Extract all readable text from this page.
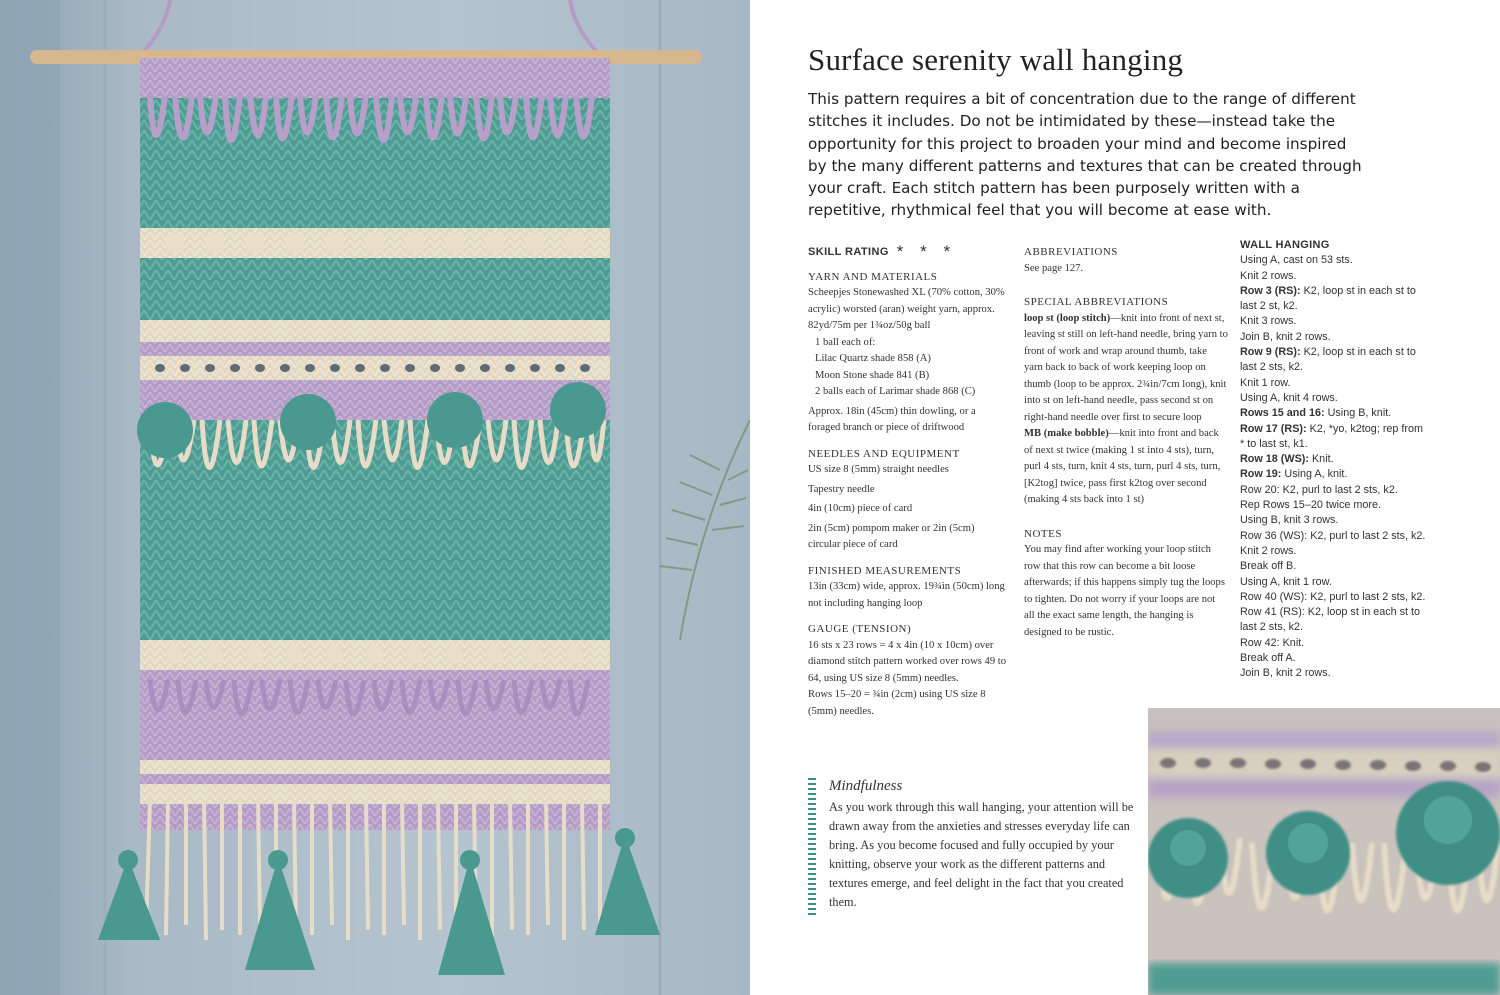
Surface serenity wall hanging
This pattern requires a bit of concentration due to the range of different stitches it includes. Do not be intimidated by these—instead take the opportunity for this project to broaden your mind and become inspired by the many different patterns and textures that can be created through your craft. Each stitch pattern has been purposely written with a repetitive, rhythmical feel that you will become at ease with.
SKILL RATING * * *
YARN AND MATERIALS

Scheepjes Stonewashed XL (70% cotton, 30% acrylic) worsted (aran) weight yarn, approx. 82yd/75m per 1¾oz/50g ball

1 ball each of:

Lilac Quartz shade 858 (A)

Moon Stone shade 841 (B)

2 balls each of Larimar shade 868 (C)

Approx. 18in (45cm) thin dowling, or a foraged branch or piece of driftwood

NEEDLES AND EQUIPMENT

US size 8 (5mm) straight needles

Tapestry needle

4in (10cm) piece of card

2in (5cm) pompom maker or 2in (5cm) circular piece of card

FINISHED MEASUREMENTS

13in (33cm) wide, approx. 19¾in (50cm) long not including hanging loop

GAUGE (TENSION)

16 sts x 23 rows = 4 x 4in (10 x 10cm) over diamond stitch pattern worked over rows 49 to 64, using US size 8 (5mm) needles.

Rows 15–20 = ¾in (2cm) using US size 8 (5mm) needles.

ABBREVIATIONS

See page 127.

SPECIAL ABBREVIATIONS

loop st (loop stitch)—knit into front of next st, leaving st still on left-hand needle, bring yarn to front of work and wrap around thumb, take yarn back to back of work keeping loop on thumb (loop to be approx. 2¾in/7cm long), knit into st on left-hand needle, pass second st on right-hand needle over first to secure loop

MB (make bobble)—knit into front and back of next st twice (making 1 st into 4 sts), turn, purl 4 sts, turn, knit 4 sts, turn, purl 4 sts, turn, [K2tog] twice, pass first k2tog over second (making 4 sts back into 1 st)

NOTES

You may find after working your loop stitch row that this row can become a bit loose afterwards; if this happens simply tug the loops to tighten. Do not worry if your loops are not all the exact same length, the hanging is designed to be rustic.

WALL HANGING

Using A, cast on 53 sts.

Knit 2 rows.

Row 3 (RS): K2, loop st in each st to

last 2 st, k2.

Knit 3 rows.

Join B, knit 2 rows.

Row 9 (RS): K2, loop st in each st to

last 2 sts, k2.

Knit 1 row.

Using A, knit 4 rows.

Rows 15 and 16: Using B, knit.

Row 17 (RS): K2, *yo, k2tog; rep from

* to last st, k1.

Row 18 (WS): Knit.

Row 19: Using A, knit.

Row 20: K2, purl to last 2 sts, k2.

Rep Rows 15–20 twice more.

Using B, knit 3 rows.

Row 36 (WS): K2, purl to last 2 sts, k2.

Knit 2 rows.

Break off B.

Using A, knit 1 row.

Row 40 (WS): K2, purl to last 2 sts, k2.

Row 41 (RS): K2, loop st in each st to

last 2 sts, k2.

Row 42: Knit.

Break off A.

Join B, knit 2 rows.

Mindfulness
As you work through this wall hanging, your attention will be drawn away from the anxieties and stresses everyday life can bring. As you become focused and fully occupied by your knitting, observe your work as the different patterns and textures emerge, and feel delight in the fact that you created them.
